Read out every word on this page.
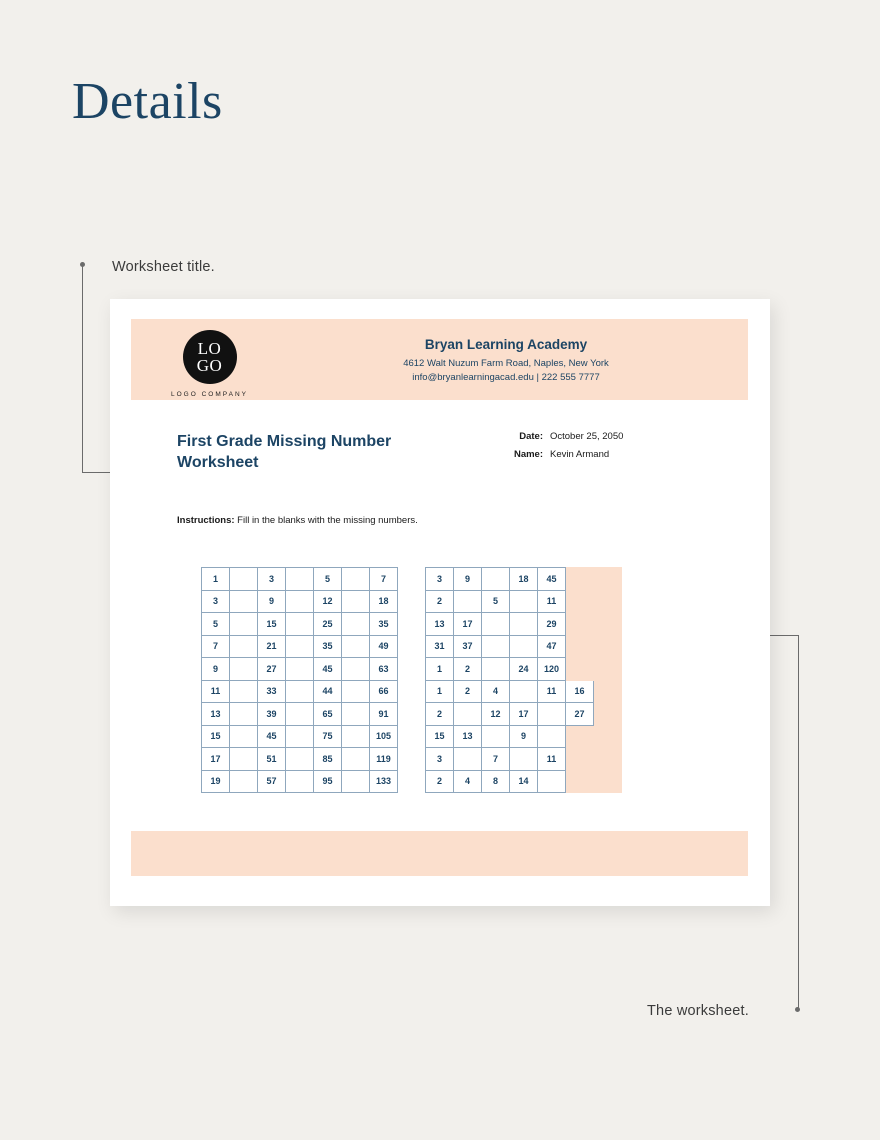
Details
Worksheet title.
The worksheet.
LO
GO
LOGO COMPANY
Bryan Learning Academy
4612 Walt Nuzum Farm Road, Naples, New York
info@bryanlearningacad.edu | 222 555 7777
First Grade Missing Number Worksheet
Date: October 25, 2050
Name: Kevin Armand
Instructions: Fill in the blanks with the missing numbers.
1		3		5		7
3		9		12		18
5		15		25		35
7		21		35		49
9		27		45		63
11		33		44		66
13		39		65		91
15		45		75		105
17		51		85		119
19		57		95		133
3	9		18	45		
2		5		11		
13	17			29		
31	37			47		
1	2		24	120		
1	2	4		11	16	
2		12	17		27	
15	13		9			
3		7		11		
2	4	8	14			
